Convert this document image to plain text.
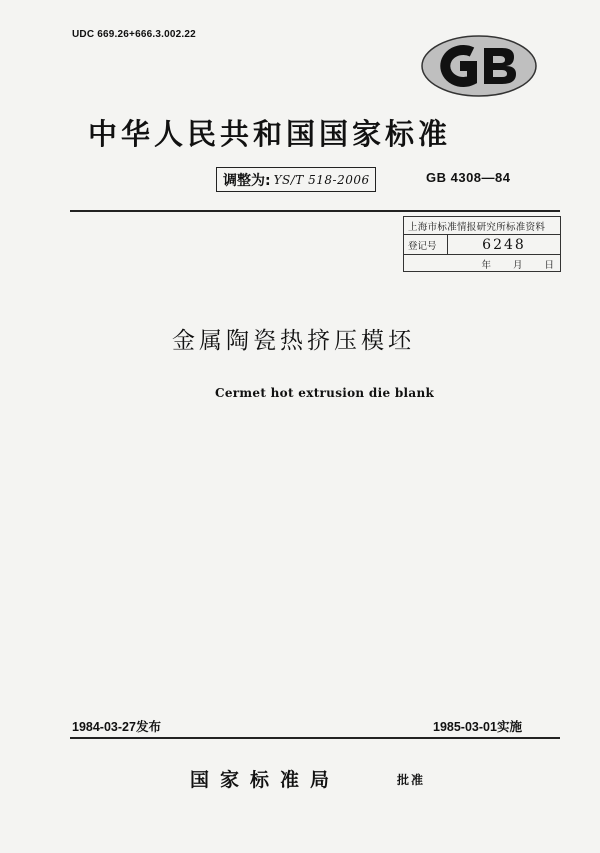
UDC 669.26+666.3.002.22
中华人民共和国国家标准
调整为: YS/T 518-2006	GB 4308—84
上海市标准情报研究所标准资料
登记号	6248
年 月 日
金属陶瓷热挤压模坯
Cermet hot extrusion die blank
1984-03-27发布	1985-03-01实施
国家标准局	批准
